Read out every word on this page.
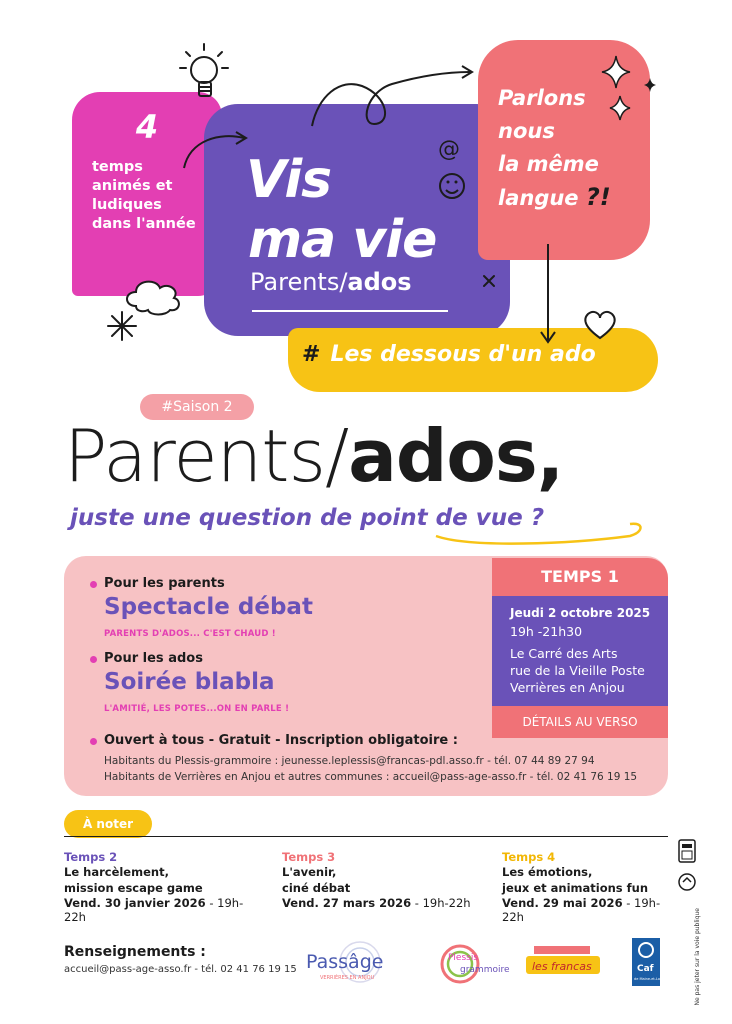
4
temps
animés et
ludiques
dans l'année
Vis
ma vie
Parents/ados
Parlons
nous
la même
langue ?!
# Les dessous d'un ado
@
#Saison 2
Parents/ados,
juste une question de point de vue ?
Pour les parents
Spectacle débat
PARENTS D'ADOS... C'EST CHAUD !
Pour les ados
Soirée blabla
L'AMITIÉ, LES POTES...ON EN PARLE !
Ouvert à tous - Gratuit - Inscription obligatoire :
Habitants du Plessis-grammoire : jeunesse.leplessis@francas-pdl.asso.fr - tél. 07 44 89 27 94
Habitants de Verrières en Anjou et autres communes : accueil@pass-age-asso.fr - tél. 02 41 76 19 15
TEMPS 1
Jeudi 2 octobre 2025
19h -21h30
Le Carré des Arts
rue de la Vieille Poste
Verrières en Anjou
DÉTAILS AU VERSO
À noter
Temps 2
Le harcèlement,
mission escape game
Vend. 30 janvier 2026 - 19h-22h
Temps 3
L'avenir,
ciné débat
Vend. 27 mars 2026 - 19h-22h
Temps 4
Les émotions,
jeux et animations fun
Vend. 29 mai 2026 - 19h-22h	Ne pas jeter sur la voie publique
Renseignements :
accueil@pass-age-asso.fr - tél. 02 41 76 19 15 Passâge
VERRIÈRES EN ANJOU
Plessis
grammoire les francas	Caf
de Maine-et-Loire
